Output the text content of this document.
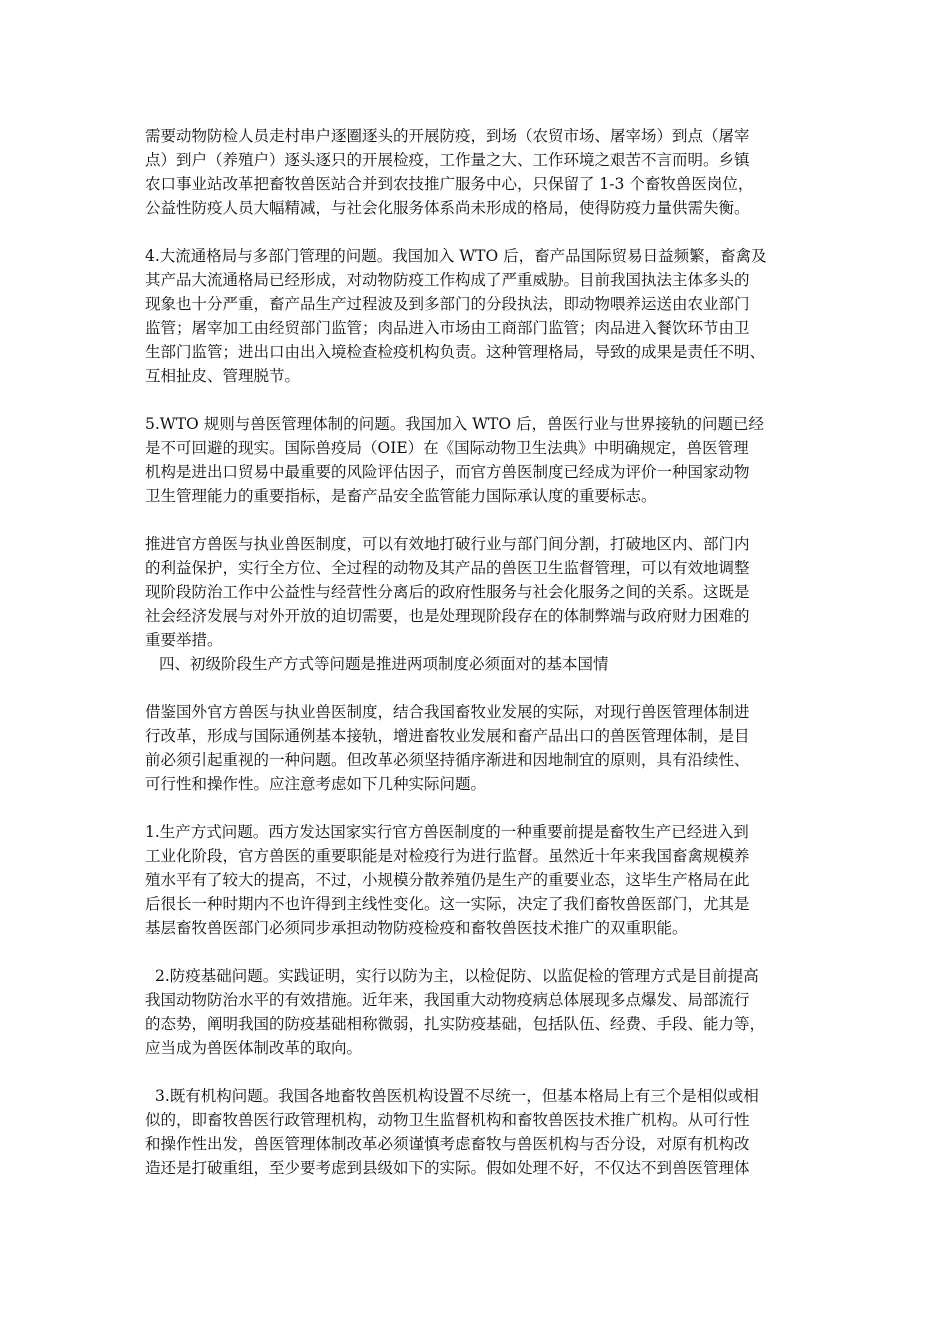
需要动物防检人员走村串户逐圈逐头的开展防疫，到场（农贸市场、屠宰场）到点（屠宰
点）到户（养殖户）逐头逐只的开展检疫，工作量之大、工作环境之艰苦不言而明。乡镇
农口事业站改革把畜牧兽医站合并到农技推广服务中心，只保留了 1-3 个畜牧兽医岗位，
公益性防疫人员大幅精减，与社会化服务体系尚未形成的格局，使得防疫力量供需失衡。
4.大流通格局与多部门管理的问题。我国加入 WTO 后，畜产品国际贸易日益频繁，畜禽及
其产品大流通格局已经形成，对动物防疫工作构成了严重威胁。目前我国执法主体多头的
现象也十分严重，畜产品生产过程波及到多部门的分段执法，即动物喂养运送由农业部门
监管；屠宰加工由经贸部门监管；肉品进入市场由工商部门监管；肉品进入餐饮环节由卫
生部门监管；进出口由出入境检查检疫机构负责。这种管理格局，导致的成果是责任不明、
互相扯皮、管理脱节。
5.WTO 规则与兽医管理体制的问题。我国加入 WTO 后，兽医行业与世界接轨的问题已经
是不可回避的现实。国际兽疫局（OIE）在《国际动物卫生法典》中明确规定，兽医管理
机构是进出口贸易中最重要的风险评估因子，而官方兽医制度已经成为评价一种国家动物
卫生管理能力的重要指标，是畜产品安全监管能力国际承认度的重要标志。
推进官方兽医与执业兽医制度，可以有效地打破行业与部门间分割，打破地区内、部门内
的利益保护，实行全方位、全过程的动物及其产品的兽医卫生监督管理，可以有效地调整
现阶段防治工作中公益性与经营性分离后的政府性服务与社会化服务之间的关系。这既是
社会经济发展与对外开放的迫切需要，也是处理现阶段存在的体制弊端与政府财力困难的
重要举措。
四、初级阶段生产方式等问题是推进两项制度必须面对的基本国情
借鉴国外官方兽医与执业兽医制度，结合我国畜牧业发展的实际，对现行兽医管理体制进
行改革，形成与国际通例基本接轨，增进畜牧业发展和畜产品出口的兽医管理体制，是目
前必须引起重视的一种问题。但改革必须坚持循序渐进和因地制宜的原则，具有沿续性、
可行性和操作性。应注意考虑如下几种实际问题。
1.生产方式问题。西方发达国家实行官方兽医制度的一种重要前提是畜牧生产已经进入到
工业化阶段，官方兽医的重要职能是对检疫行为进行监督。虽然近十年来我国畜禽规模养
殖水平有了较大的提高，不过，小规模分散养殖仍是生产的重要业态，这毕生产格局在此
后很长一种时期内不也许得到主线性变化。这一实际，决定了我们畜牧兽医部门，尤其是
基层畜牧兽医部门必须同步承担动物防疫检疫和畜牧兽医技术推广的双重职能。
2.防疫基础问题。实践证明，实行以防为主，以检促防、以监促检的管理方式是目前提高
我国动物防治水平的有效措施。近年来，我国重大动物疫病总体展现多点爆发、局部流行
的态势，阐明我国的防疫基础相称微弱，扎实防疫基础，包括队伍、经费、手段、能力等，
应当成为兽医体制改革的取向。
3.既有机构问题。我国各地畜牧兽医机构设置不尽统一，但基本格局上有三个是相似或相
似的，即畜牧兽医行政管理机构，动物卫生监督机构和畜牧兽医技术推广机构。从可行性
和操作性出发，兽医管理体制改革必须谨慎考虑畜牧与兽医机构与否分设，对原有机构改
造还是打破重组，至少要考虑到县级如下的实际。假如处理不好，不仅达不到兽医管理体
